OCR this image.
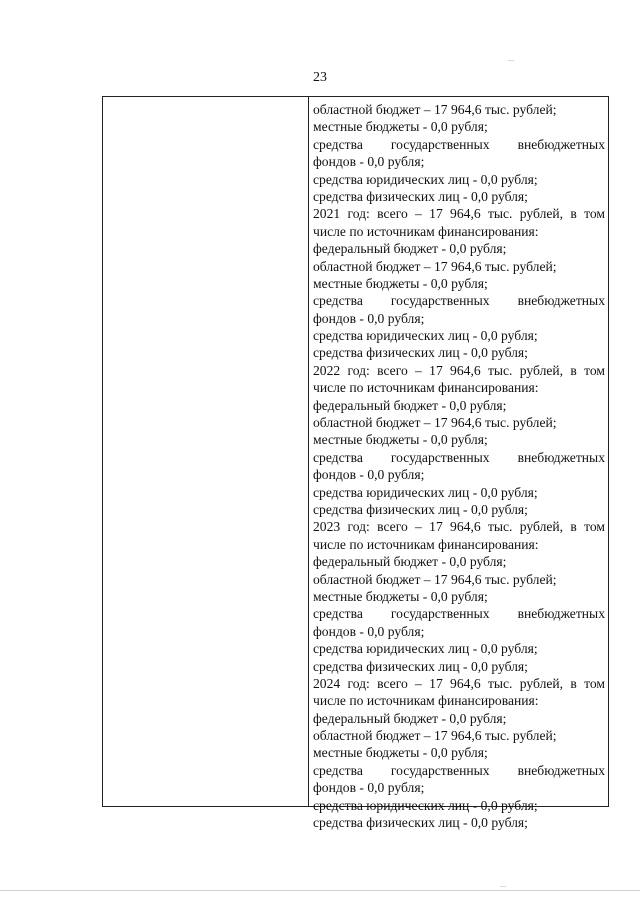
23
областной бюджет – 17 964,6 тыс. рублей;
местные бюджеты - 0,0 рубля;
средства государственных внебюджетных
фондов - 0,0 рубля;
средства юридических лиц - 0,0 рубля;
средства физических лиц - 0,0 рубля;
2021 год: всего – 17 964,6 тыс. рублей, в том
числе по источникам финансирования:
федеральный бюджет - 0,0 рубля;
областной бюджет – 17 964,6 тыс. рублей;
местные бюджеты - 0,0 рубля;
средства государственных внебюджетных
фондов - 0,0 рубля;
средства юридических лиц - 0,0 рубля;
средства физических лиц - 0,0 рубля;
2022 год: всего – 17 964,6 тыс. рублей, в том
числе по источникам финансирования:
федеральный бюджет - 0,0 рубля;
областной бюджет – 17 964,6 тыс. рублей;
местные бюджеты - 0,0 рубля;
средства государственных внебюджетных
фондов - 0,0 рубля;
средства юридических лиц - 0,0 рубля;
средства физических лиц - 0,0 рубля;
2023 год: всего – 17 964,6 тыс. рублей, в том
числе по источникам финансирования:
федеральный бюджет - 0,0 рубля;
областной бюджет – 17 964,6 тыс. рублей;
местные бюджеты - 0,0 рубля;
средства государственных внебюджетных
фондов - 0,0 рубля;
средства юридических лиц - 0,0 рубля;
средства физических лиц - 0,0 рубля;
2024 год: всего – 17 964,6 тыс. рублей, в том
числе по источникам финансирования:
федеральный бюджет - 0,0 рубля;
областной бюджет – 17 964,6 тыс. рублей;
местные бюджеты - 0,0 рубля;
средства государственных внебюджетных
фондов - 0,0 рубля;
средства юридических лиц - 0,0 рубля;
средства физических лиц - 0,0 рубля;
